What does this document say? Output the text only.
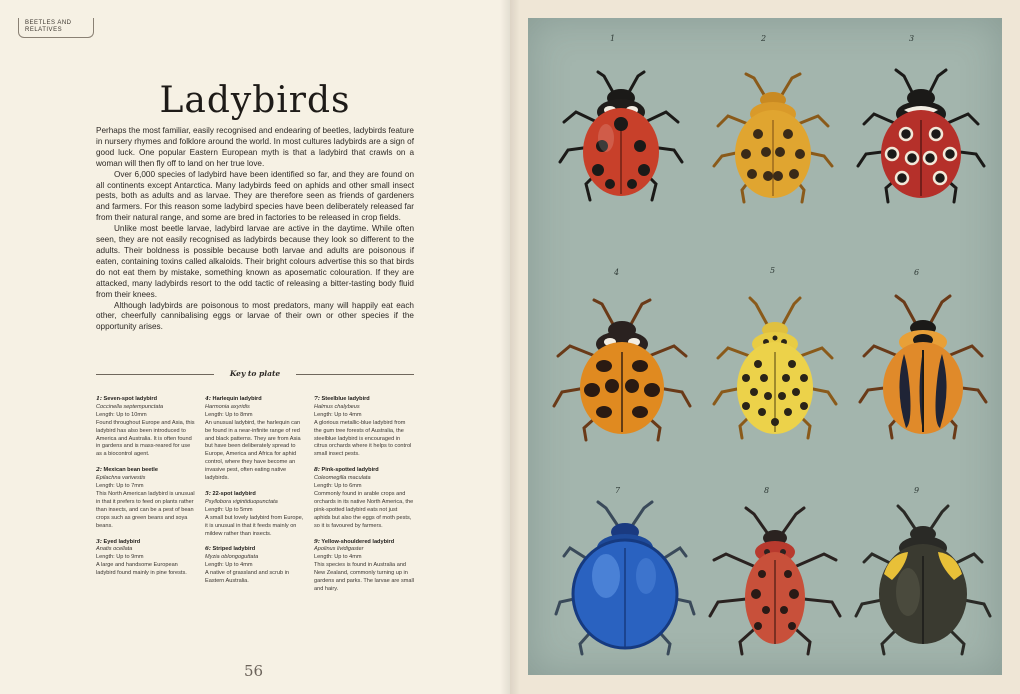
BEETLES AND RELATIVES
Ladybirds

Perhaps the most familiar, easily recognised and endearing of beetles, ladybirds feature in nursery rhymes and folklore around the world. In most cultures ladybirds are a sign of good luck. One popular Eastern European myth is that a ladybird that crawls on a woman will then fly off to land on her true love.

Over 6,000 species of ladybird have been identified so far, and they are found on all continents except Antarctica. Many ladybirds feed on aphids and other small insect pests, both as adults and as larvae. They are therefore seen as friends of gardeners and farmers. For this reason some ladybird species have been deliberately released far from their natural range, and some are bred in factories to be released in crop fields.

Unlike most beetle larvae, ladybird larvae are active in the daytime. While often seen, they are not easily recognised as ladybirds because they look so different to the adults. Their boldness is possible because both larvae and adults are poisonous if eaten, containing toxins called alkaloids. Their bright colours advertise this so that birds do not eat them by mistake, something known as aposematic colouration. If they are attacked, many ladybirds resort to the odd tactic of releasing a bitter-tasting body fluid from their knees.

Although ladybirds are poisonous to most predators, many will happily eat each other, cheerfully cannibalising eggs or larvae of their own or other species if the opportunity arises.

Key to plate
1: Seven-spot ladybird
Coccinella septempunctata
Length: Up to 10mm
Found throughout Europe and Asia, this ladybird has also been introduced to America and Australia. It is often found in gardens and is mass-reared for use as a biocontrol agent.
2: Mexican bean beetle
Epilachna varivestis
Length: Up to 7mm
This North American ladybird is unusual in that it prefers to feed on plants rather than insects, and can be a pest of bean crops such as green beans and soya beans.
3: Eyed ladybird
Anatis ocellata
Length: Up to 9mm
A large and handsome European ladybird found mainly in pine forests.
4: Harlequin ladybird
Harmonia axyridis
Length: Up to 8mm
An unusual ladybird, the harlequin can be found in a near-infinite range of red and black patterns. They are from Asia but have been deliberately spread to Europe, America and Africa for aphid control, where they have become an invasive pest, often eating native ladybirds.
5: 22-spot ladybird
Psyllobora vigintiduopunctata
Length: Up to 5mm
A small but lovely ladybird from Europe, it is unusual in that it feeds mainly on mildew rather than insects.
6: Striped ladybird
Myzia oblongoguttata
Length: Up to 4mm
A native of grassland and scrub in Eastern Australia.
7: Steelblue ladybird
Halmus chalybeus
Length: Up to 4mm
A glorious metallic-blue ladybird from the gum tree forests of Australia, the steelblue ladybird is encouraged in citrus orchards where it helps to control small insect pests.
8: Pink-spotted ladybird
Coleomegilla maculata
Length: Up to 6mm
Commonly found in arable crops and orchards in its native North America, the pink-spotted ladybird eats not just aphids but also the eggs of moth pests, so it is favoured by farmers.
9: Yellow-shouldered ladybird
Apolinus lividigaster
Length: Up to 4mm
This species is found in Australia and New Zealand, commonly turning up in gardens and parks. The larvae are small and hairy.
56
1	2	3
4	5	6
7	8	9
